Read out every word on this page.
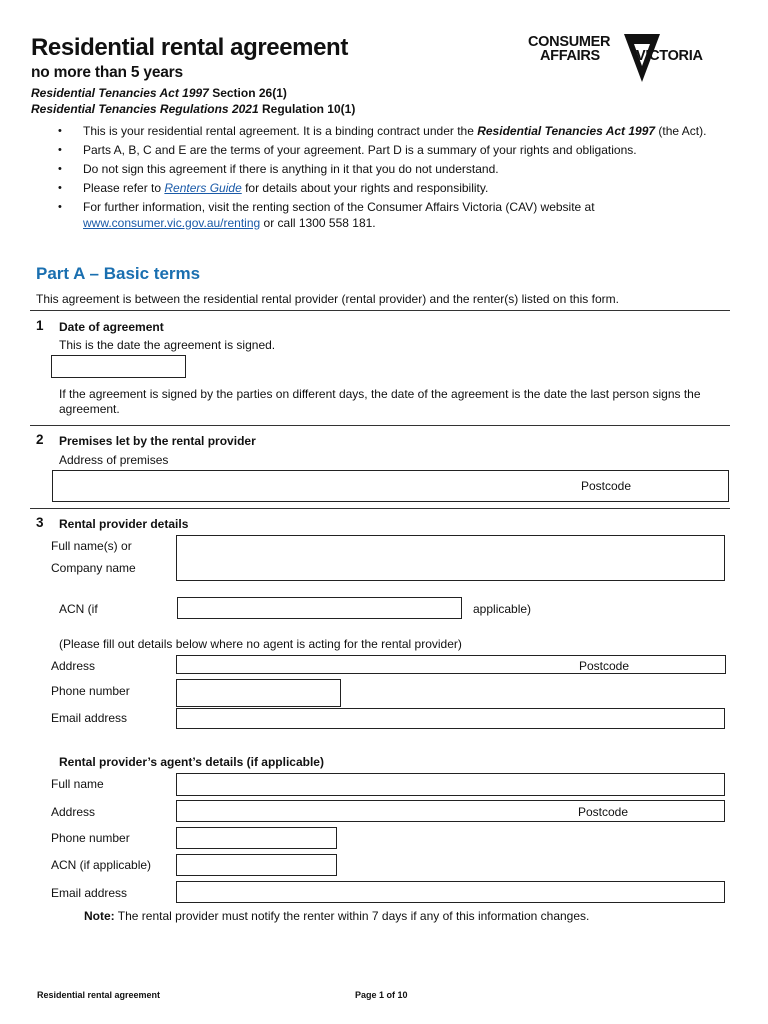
Residential rental agreement
no more than 5 years
Residential Tenancies Act 1997 Section 26(1)
Residential Tenancies Regulations 2021 Regulation 10(1)
CONSUMER
AFFAIRS VICTORIA
• This is your residential rental agreement. It is a binding contract under the Residential Tenancies Act 1997 (the Act).
• Parts A, B, C and E are the terms of your agreement. Part D is a summary of your rights and obligations.
• Do not sign this agreement if there is anything in it that you do not understand.
• Please refer to Renters Guide for details about your rights and responsibility.
• For further information, visit the renting section of the Consumer Affairs Victoria (CAV) website at www.consumer.vic.gov.au/renting or call 1300 558 181.
Part A – Basic terms
This agreement is between the residential rental provider (rental provider) and the renter(s) listed on this form.
1 Date of agreement
This is the date the agreement is signed.
If the agreement is signed by the parties on different days, the date of the agreement is the date the last person signs the agreement.
2 Premises let by the rental provider
Address of premises
Postcode
3 Rental provider details
Full name(s) or
Company name
ACN (if	applicable)
(Please fill out details below where no agent is acting for the rental provider)
Address	Postcode
Phone number
Email address
Rental provider’s agent’s details (if applicable)
Full name
Address	Postcode
Phone number
ACN (if applicable)
Email address
Note: The rental provider must notify the renter within 7 days if any of this information changes.
Residential rental agreement	Page 1 of 10
